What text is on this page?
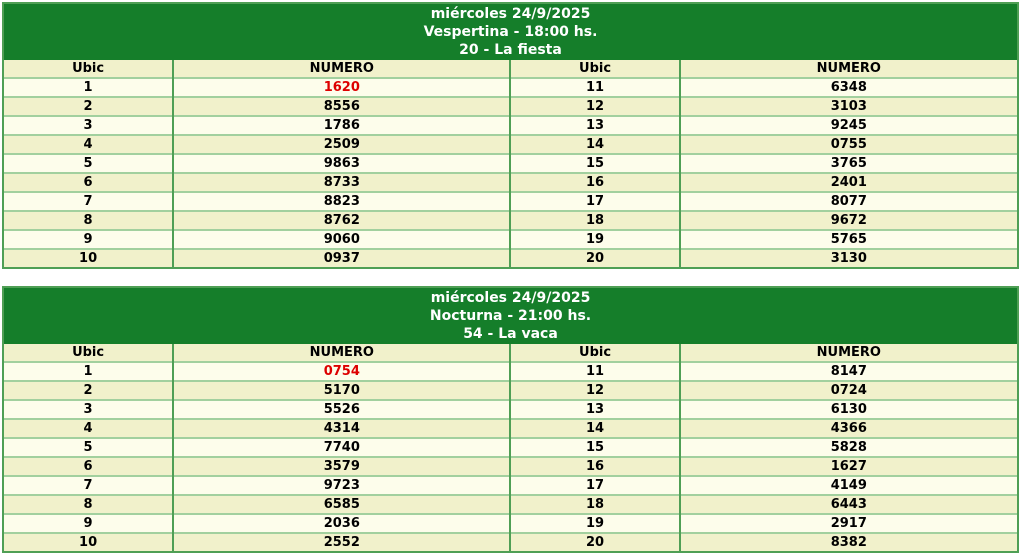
miércoles 24/9/2025
Vespertina - 18:00 hs.
20 - La fiesta
Ubic	NUMERO	Ubic	NUMERO
1	1620	11	6348
2	8556	12	3103
3	1786	13	9245
4	2509	14	0755
5	9863	15	3765
6	8733	16	2401
7	8823	17	8077
8	8762	18	9672
9	9060	19	5765
10	0937	20	3130
miércoles 24/9/2025
Nocturna - 21:00 hs.
54 - La vaca
Ubic	NUMERO	Ubic	NUMERO
1	0754	11	8147
2	5170	12	0724
3	5526	13	6130
4	4314	14	4366
5	7740	15	5828
6	3579	16	1627
7	9723	17	4149
8	6585	18	6443
9	2036	19	2917
10	2552	20	8382
